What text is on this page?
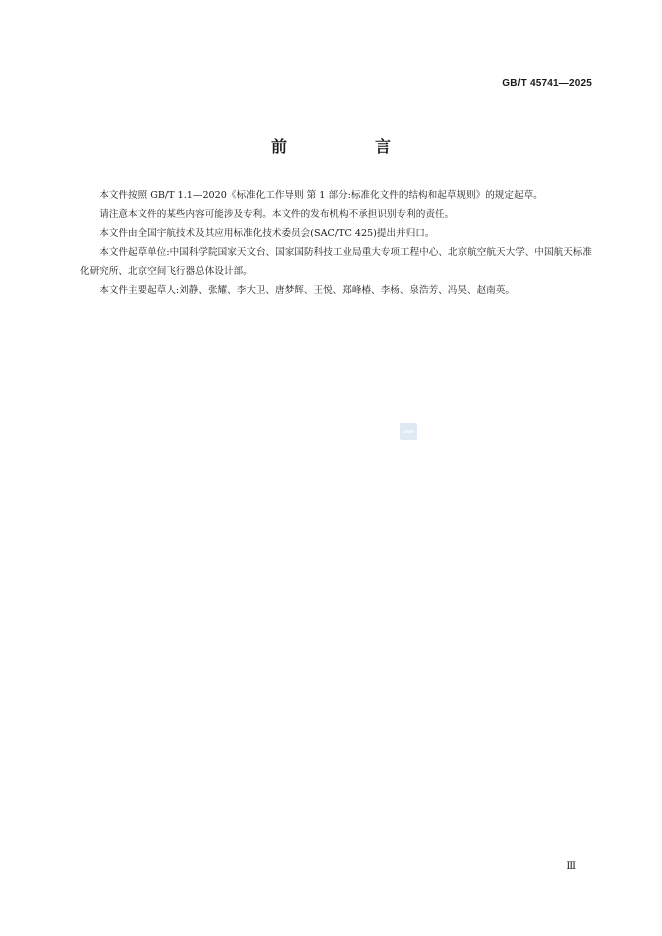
GB/T 45741—2025
前　言

本文件按照 GB/T 1.1—2020《标准化工作导则 第 1 部分:标准化文件的结构和起草规则》的规定起草。

请注意本文件的某些内容可能涉及专利。本文件的发布机构不承担识别专利的责任。

本文件由全国宇航技术及其应用标准化技术委员会(SAC/TC 425)提出并归口。

本文件起草单位:中国科学院国家天文台、国家国防科技工业局重大专项工程中心、北京航空航天大学、中国航天标准化研究所、北京空间飞行器总体设计部。

本文件主要起草人:刘静、张耀、李大卫、唐梦辉、王悦、郑峰椿、李杨、泉浩芳、冯昊、赵南英。

Ⅲ
